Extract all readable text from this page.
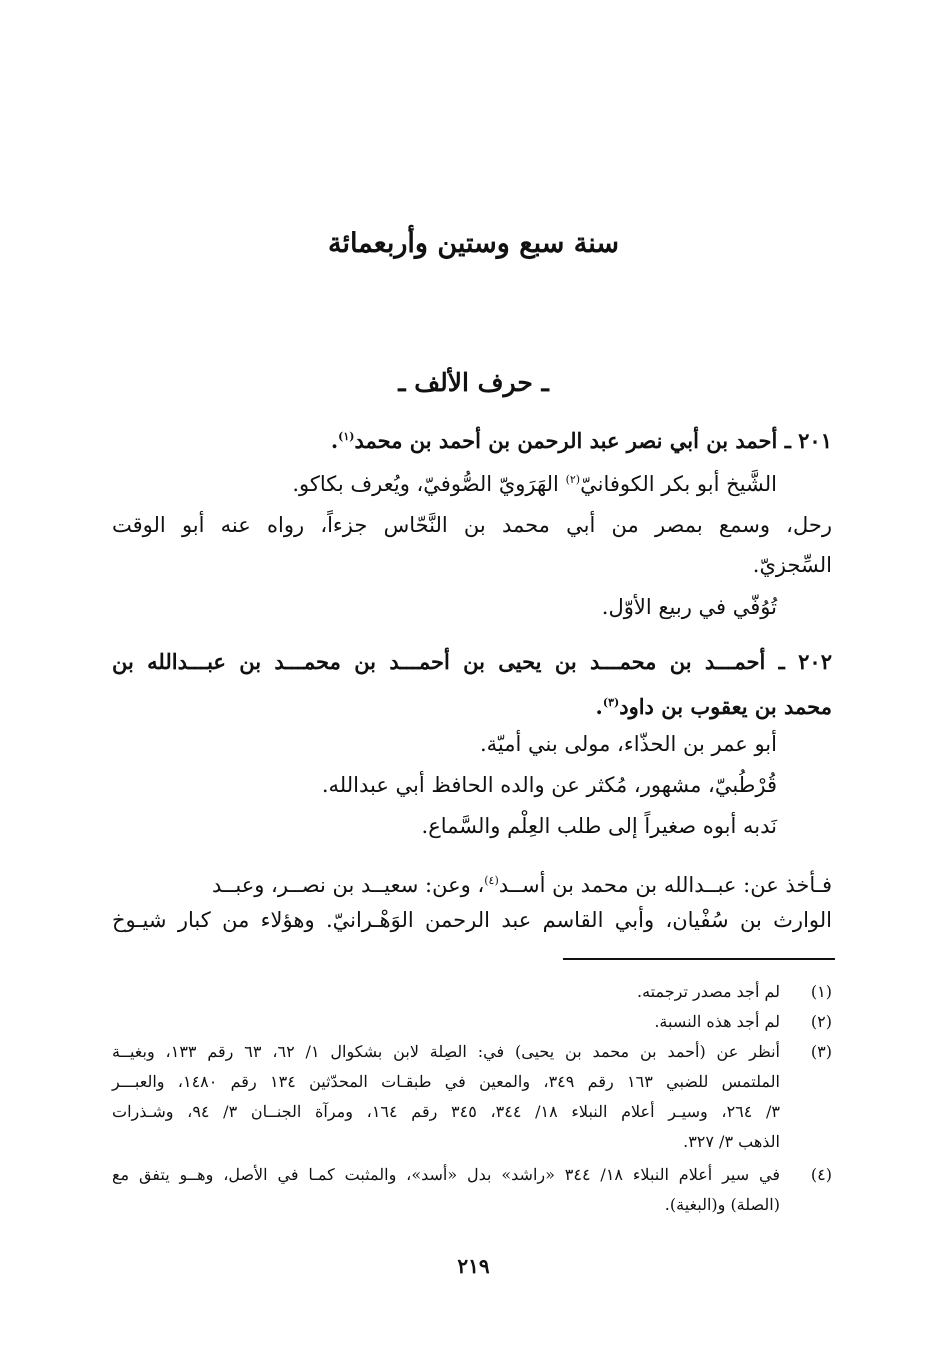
سنة سبع وستين وأربعمائة
ـ حرف الألف ـ
٢٠١ ـ أحمد بن أبي نصر عبد الرحمن بن أحمد بن محمد$^{(١)}$.
الشَّيخ أبو بكر الكوفانيّ$^{(٢)}$ الهَرَويّ الصُّوفيّ، ويُعرف بكاكو.
رحل، وسمع بمصر من أبي محمد بن النَّحّاس جزءاً، رواه عنه أبو الوقت
السِّجزيّ.
تُوُفّي في ربيع الأوّل.
٢٠٢ ـ أحمـــد بن محمـــد بن يحيى بن أحمـــد بن محمـــد بن عبـــدالله بن
محمد بن يعقوب بن داود$^{(٣)}$.
أبو عمر بن الحذّاء، مولى بني أميّة.
قُرْطُبيّ، مشهور، مُكثر عن والده الحافظ أبي عبدالله.
نَدبه أبوه صغيراً إلى طلب العِلْم والسَّماع.
فـأخذ عن: عبــدالله بن محمد بن أســد$^{(٤)}$، وعن: سعيــد بن نصــر، وعبــد
الوارث بن سُفْيان، وأبي القاسم عبد الرحمن الوَهْـرانيّ. وهؤلاء من كبار شيـوخ
(١)
لم أجد مصدر ترجمته.
(٢)
لم أجد هذه النسبة.
(٣)
أنظر عن (أحمد بن محمد بن يحيى) في: الصِلة لابن بشكوال ١/ ٦٢، ٦٣ رقم ١٣٣، وبغيــة
الملتمس للضبي ١٦٣ رقم ٣٤٩، والمعين في طبقـات المحدّثين ١٣٤ رقم ١٤٨٠، والعبـــر
٣/ ٢٦٤، وسيـر أعلام النبلاء ١٨/ ٣٤٤، ٣٤٥ رقم ١٦٤، ومرآة الجنــان ٣/ ٩٤، وشـذرات
الذهب ٣/ ٣٢٧.
(٤)
في سير أعلام النبلاء ١٨/ ٣٤٤ «راشد» بدل «أسد»، والمثبت كمـا في الأصل، وهــو يتفق مع
(الصلة) و(البغية).
٢١٩
